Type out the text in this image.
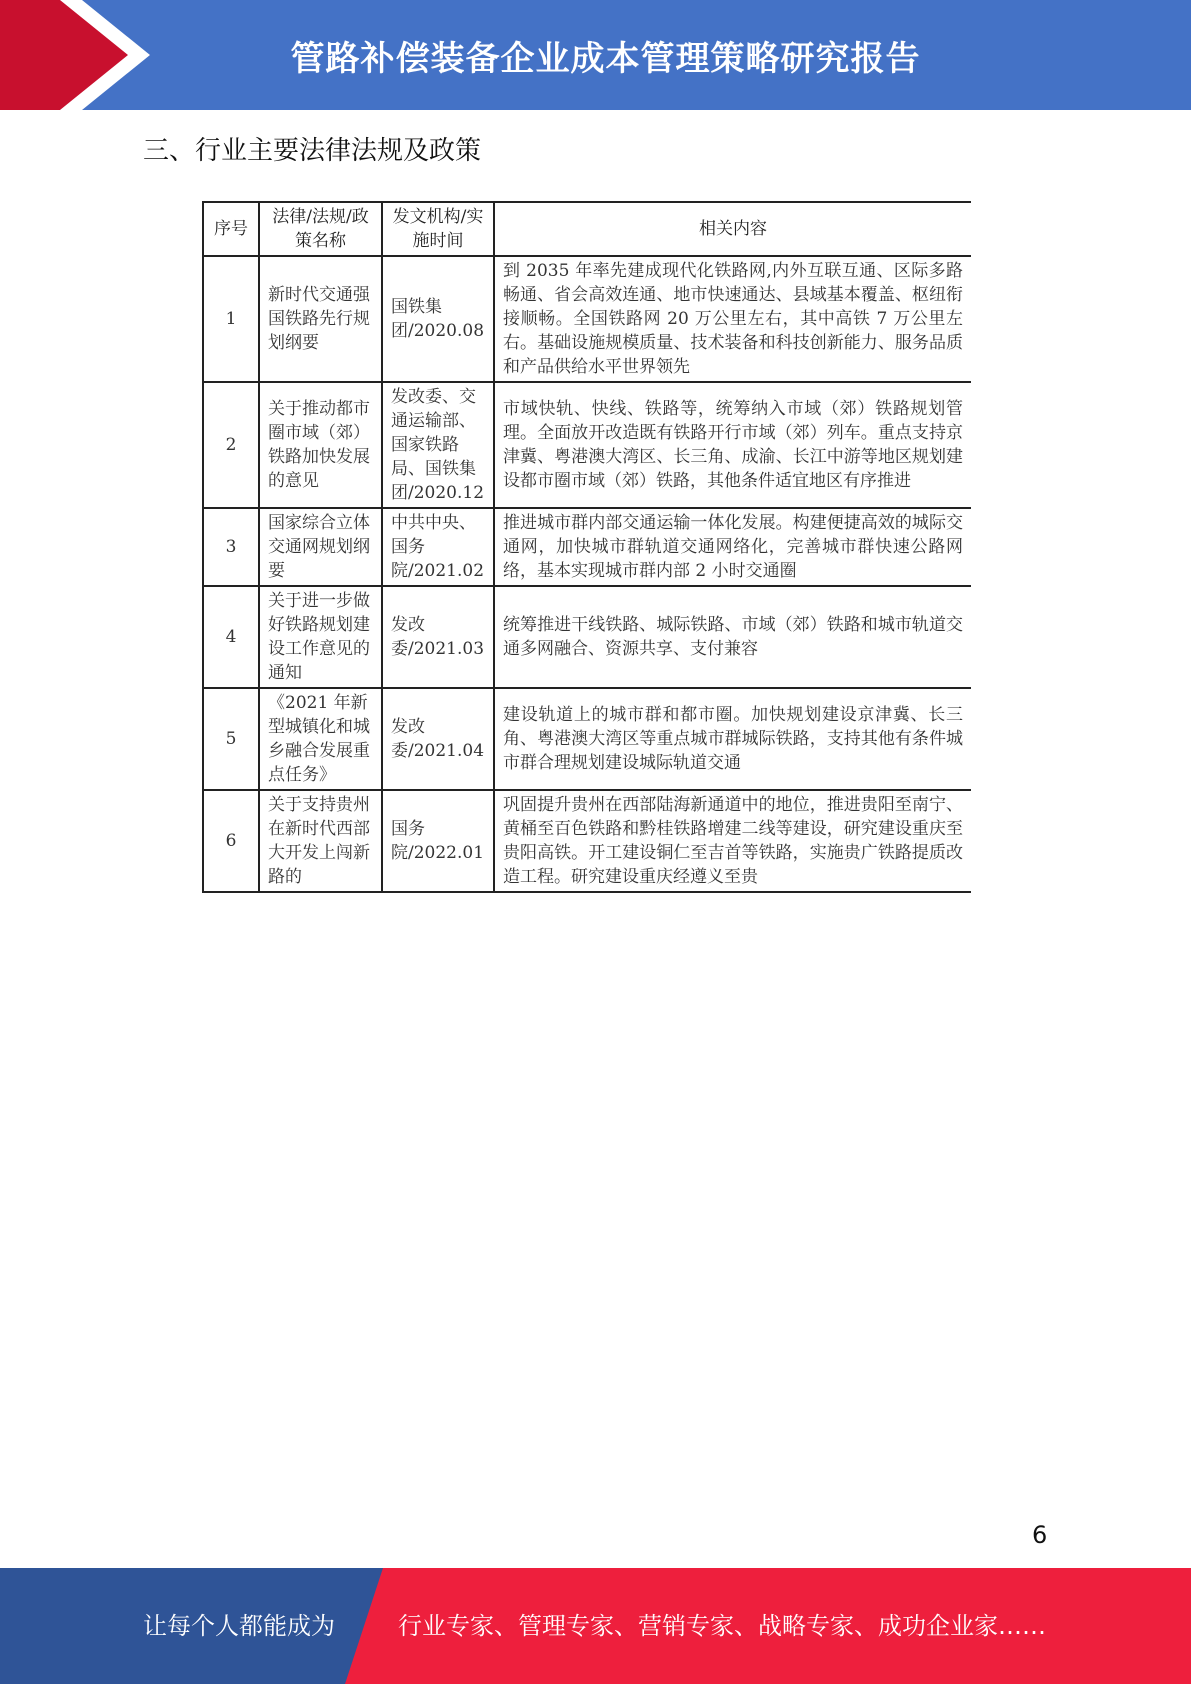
管路补偿装备企业成本管理策略研究报告
三、行业主要法律法规及政策
序号	法律/法规/政策名称	发文机构/实施时间	相关内容
1	新时代交通强国铁路先行规划纲要	国铁集团/2020.08	到 2035 年率先建成现代化铁路网,内外互联互通、区际多路畅通、省会高效连通、地市快速通达、县域基本覆盖、枢纽衔接顺畅。全国铁路网 20 万公里左右，其中高铁 7 万公里左右。基础设施规模质量、技术装备和科技创新能力、服务品质和产品供给水平世界领先
2	关于推动都市圈市域（郊）铁路加快发展的意见	发改委、交通运输部、国家铁路局、国铁集团/2020.12	市域快轨、快线、铁路等，统筹纳入市域（郊）铁路规划管理。全面放开改造既有铁路开行市域（郊）列车。重点支持京津冀、粤港澳大湾区、长三角、成渝、长江中游等地区规划建设都市圈市域（郊）铁路，其他条件适宜地区有序推进
3	国家综合立体交通网规划纲要	中共中央、国务院/2021.02	推进城市群内部交通运输一体化发展。构建便捷高效的城际交通网，加快城市群轨道交通网络化，完善城市群快速公路网络，基本实现城市群内部 2 小时交通圈
4	关于进一步做好铁路规划建设工作意见的通知	发改委/2021.03	统筹推进干线铁路、城际铁路、市域（郊）铁路和城市轨道交通多网融合、资源共享、支付兼容
5	《2021 年新型城镇化和城乡融合发展重点任务》	发改委/2021.04	建设轨道上的城市群和都市圈。加快规划建设京津冀、长三角、粤港澳大湾区等重点城市群城际铁路，支持其他有条件城市群合理规划建设城际轨道交通
6	关于支持贵州在新时代西部大开发上闯新路的	国务院/2022.01	巩固提升贵州在西部陆海新通道中的地位，推进贵阳至南宁、黄桶至百色铁路和黔桂铁路增建二线等建设，研究建设重庆至贵阳高铁。开工建设铜仁至吉首等铁路，实施贵广铁路提质改造工程。研究建设重庆经遵义至贵
6
让每个人都能成为	行业专家、管理专家、营销专家、战略专家、成功企业家……
